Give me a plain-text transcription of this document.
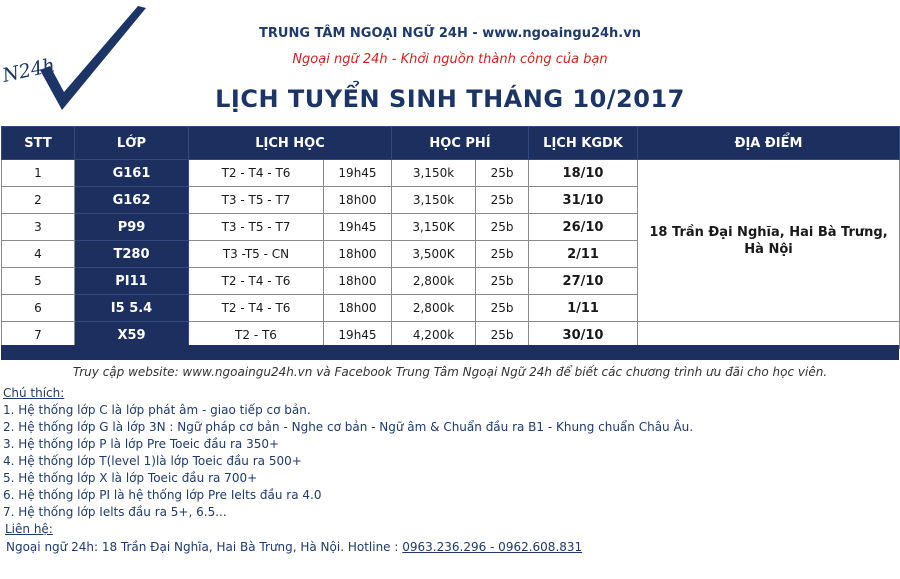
N24h
TRUNG TÂM NGOẠI NGỮ 24H - www.ngoaingu24h.vn
Ngoại ngữ 24h - Khởi nguồn thành công của bạn
LỊCH TUYỂN SINH THÁNG 10/2017
STT	LỚP	LỊCH HỌC		HỌC PHÍ		LỊCH KGDK	ĐỊA ĐIỂM
1	G161	T2 - T4 - T6	19h45	3,150k	25b	18/10	18 Trần Đại Nghĩa, Hai Bà Trưng, Hà Nội
2	G162	T3 - T5 - T7	18h00	3,150k	25b	31/10	
3	P99	T3 - T5 - T7	19h45	3,150K	25b	26/10	
4	T280	T3 -T5 - CN	18h00	3,500K	25b	2/11	
5	PI11	T2 - T4 - T6	18h00	2,800k	25b	27/10	
6	I5 5.4	T2 - T4 - T6	18h00	2,800k	25b	1/11	
7	X59	T2 - T6	19h45	4,200k	25b	30/10	
Truy cập website: www.ngoaingu24h.vn và Facebook Trung Tâm Ngoại Ngữ 24h để biết các chương trình ưu đãi cho học viên.
Chú thích:
1. Hệ thống lớp C là lớp phát âm - giao tiếp cơ bản.
2. Hệ thống lớp G là lớp 3N : Ngữ pháp cơ bản - Nghe cơ bản - Ngữ âm & Chuẩn đầu ra B1 - Khung chuẩn Châu Âu.
3. Hệ thống lớp P là lớp Pre Toeic đầu ra 350+
4. Hệ thống lớp T(level 1)là lớp Toeic đầu ra 500+
5. Hệ thống lớp X là lớp Toeic đầu ra 700+
6. Hệ thống lớp PI là hệ thống lớp Pre Ielts đầu ra 4.0
7. Hệ thống lớp Ielts đầu ra 5+, 6.5...
Liên hệ:
Ngoại ngữ 24h: 18 Trần Đại Nghĩa, Hai Bà Trưng, Hà Nội. Hotline : 0963.236.296 - 0962.608.831
